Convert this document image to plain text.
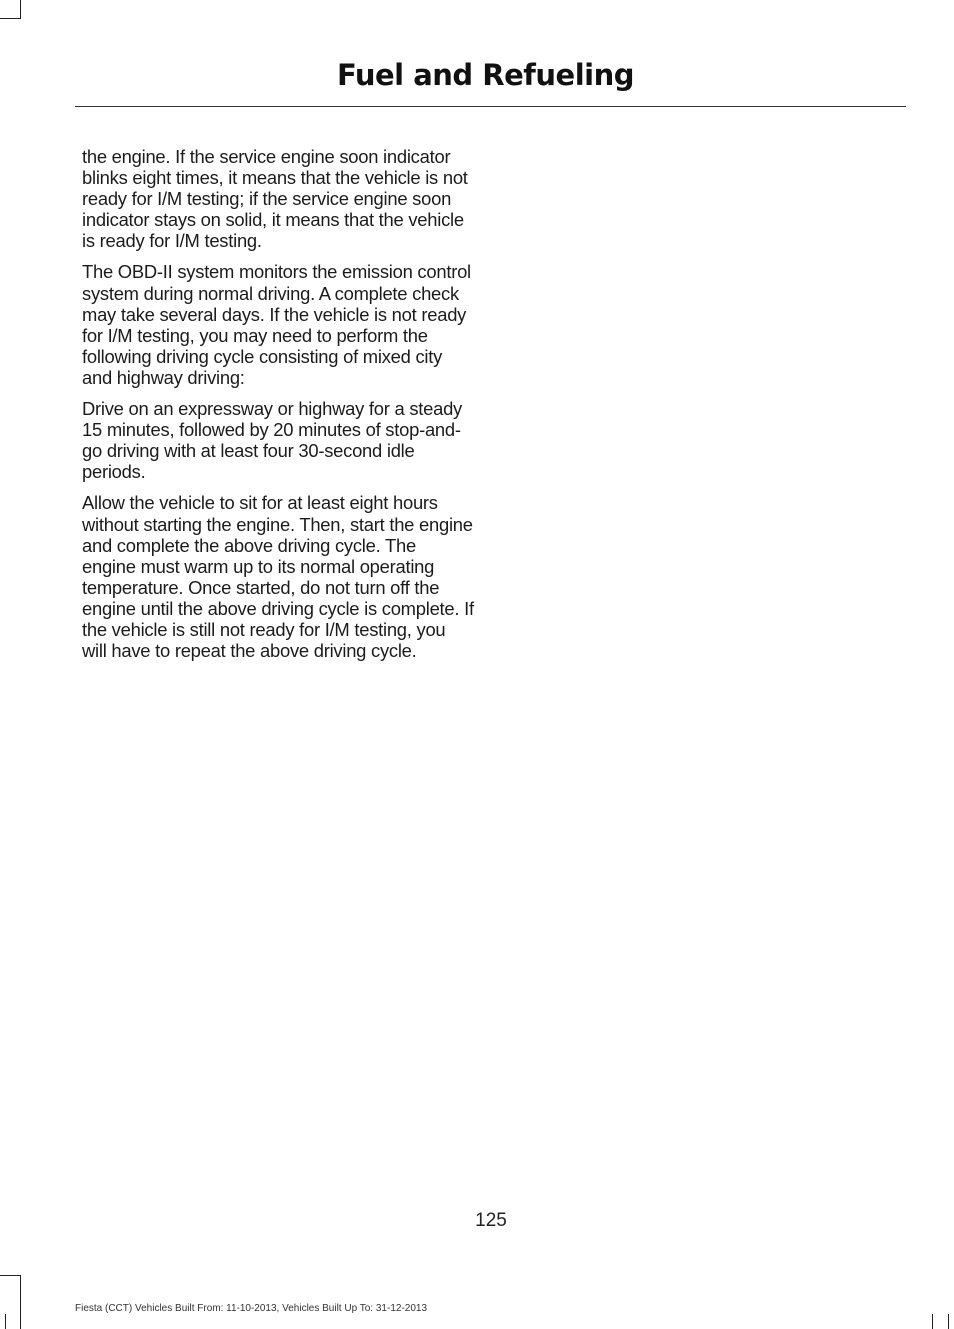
Fuel and Refueling

the engine. If the service engine soon indicator blinks eight times, it means that the vehicle is not ready for I/M testing; if the service engine soon indicator stays on solid, it means that the vehicle is ready for I/M testing.

The OBD-II system monitors the emission control system during normal driving. A complete check may take several days. If the vehicle is not ready for I/M testing, you may need to perform the following driving cycle consisting of mixed city and highway driving:

Drive on an expressway or highway for a steady 15 minutes, followed by 20 minutes of stop-and-go driving with at least four 30-second idle periods.

Allow the vehicle to sit for at least eight hours without starting the engine. Then, start the engine and complete the above driving cycle. The engine must warm up to its normal operating temperature. Once started, do not turn off the engine until the above driving cycle is complete. If the vehicle is still not ready for I/M testing, you will have to repeat the above driving cycle.

125
Fiesta (CCT) Vehicles Built From: 11-10-2013, Vehicles Built Up To: 31-12-2013
